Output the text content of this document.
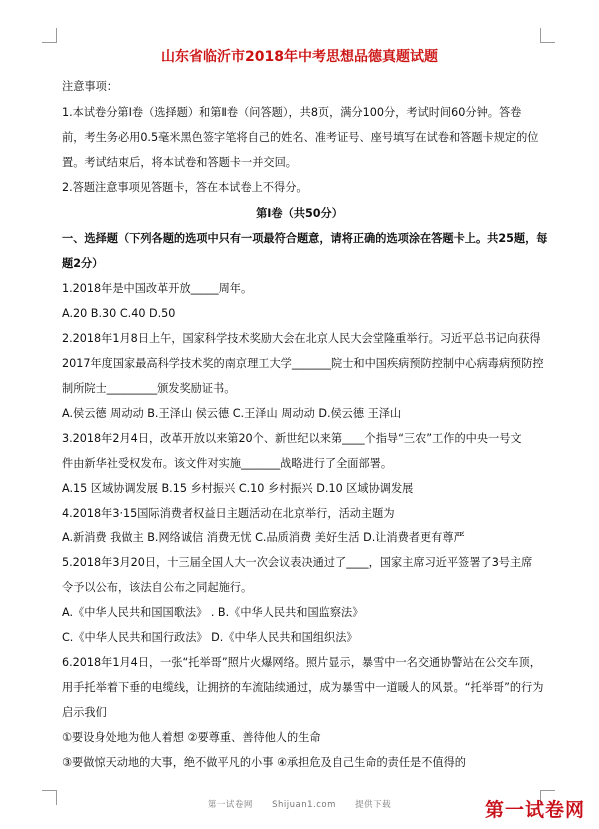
山东省临沂市2018年中考思想品德真题试题
注意事项：
1.本试卷分第Ⅰ卷（选择题）和第Ⅱ卷（问答题），共8页，满分100分，考试时间60分钟。答卷
前，考生务必用0.5毫米黑色签字笔将自己的姓名、准考证号、座号填写在试卷和答题卡规定的位
置。考试结束后，将本试卷和答题卡一并交回。
2.答题注意事项见答题卡，答在本试卷上不得分。
第Ⅰ卷（共50分）
一、选择题（下列各题的选项中只有一项最符合题意，请将正确的选项涂在答题卡上。共25题，每
题2分）
1.2018年是中国改革开放_____周年。
A.20 B.30 C.40 D.50
2.2018年1月8日上午，国家科学技术奖励大会在北京人民大会堂隆重举行。习近平总书记向获得
2017年度国家最高科学技术奖的南京理工大学_______院士和中国疾病预防控制中心病毒病预防控
制所院士_________颁发奖励证书。
A.侯云德 周动动 B.王泽山 侯云德 C.王泽山 周动动 D.侯云德 王泽山
3.2018年2月4日，改革开放以来第20个、新世纪以来第____个指导“三农”工作的中央一号文
件由新华社受权发布。该文件对实施_______战略进行了全面部署。
A.15 区域协调发展 B.15 乡村振兴 C.10 乡村振兴 D.10 区域协调发展
4.2018年3·15国际消费者权益日主题活动在北京举行，活动主题为
A.新消费 我做主 B.网络诚信 消费无忧 C.品质消费 美好生活 D.让消费者更有尊严
5.2018年3月20日，十三届全国人大一次会议表决通过了____，国家主席习近平签署了3号主席
令予以公布，该法自公布之同起施行。
A.《中华人民共和国国歌法》 . B.《中华人民共和国监察法》
C.《中华人民共和国行政法》 D.《中华人民共和国组织法》
6.2018年1月4日，一张“托举哥”照片火爆网络。照片显示，暴雪中一名交通协警站在公交车顶，
用手托举着下垂的电缆线，让拥挤的车流陆续通过，成为暴雪中一道暖人的风景。“托举哥”的行为
启示我们
①要设身处地为他人着想 ②要尊重、善待他人的生命
③要做惊天动地的大事，绝不做平凡的小事 ④承担危及自己生命的责任是不值得的
第一试卷网 Shijuan1.com 提供下载	第一试卷网
